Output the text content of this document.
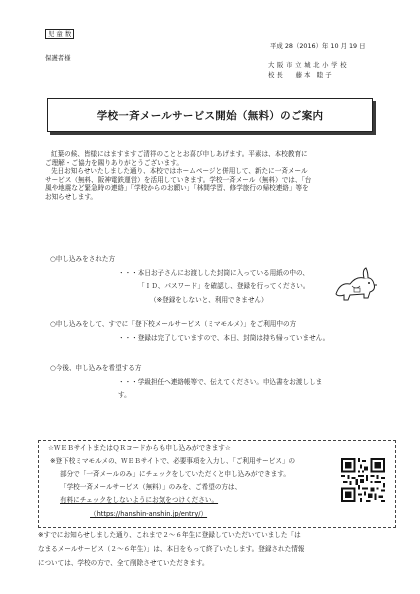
児 童 数
保護者様
平成 28（2016）年 10 月 19 日
大 阪 市 立 城 北 小 学 校
校 長　　藤 本　睦 子
学校一斉メールサービス開始（無料）のご案内
紅葉の候、皆様にはますますご清祥のこととお喜び申しあげます。平素は、本校教育に
ご理解・ご協力を賜りありがとうございます。
先日お知らせいたしました通り、本校ではホームページと併用して、新たに一斉メール
サービス（無料、阪神電鉄運営）を活用していきます。学校一斉メール（無料）では、「台
風や地震など緊急時の連絡」「学校からのお願い」「林間学習、修学旅行の帰校連絡」等を
お知らせします。
○申し込みをされた方
・・・本日お子さんにお渡しした封筒に入っている用紙の中の、
「ＩＤ、パスワード」を確認し、登録を行ってください。
（※登録をしないと、利用できません）
○申し込みをして、すでに「登下校メールサービス（ミマモルメ）」をご利用中の方
・・・登録は完了していますので、本日、封筒は持ち帰っていません。
○今後、申し込みを希望する方
・・・学級担任へ連絡帳等で、伝えてください。申込書をお渡ししま
す。
☆ＷＥＢサイトまたはＱＲコードからも申し込みができます☆
※登下校ミマモルメの、ＷＥＢサイトで、必要事項を入力し、「ご利用サービス」の
部分で「一斉メールのみ」にチェックをしていただくと申し込みができます。
「学校一斉メールサービス（無料）」のみを、ご希望の方は、
有料にチェックをしないようにお気をつけください。
（https://hanshin-anshin.jp/entry/）
※すでにお知らせしました通り、これまで２～６年生に登録していただいていました「は
なまるメールサービス（２～６年生）」は、本日をもって終了いたします。登録された情報
については、学校の方で、全て削除させていただきます。
